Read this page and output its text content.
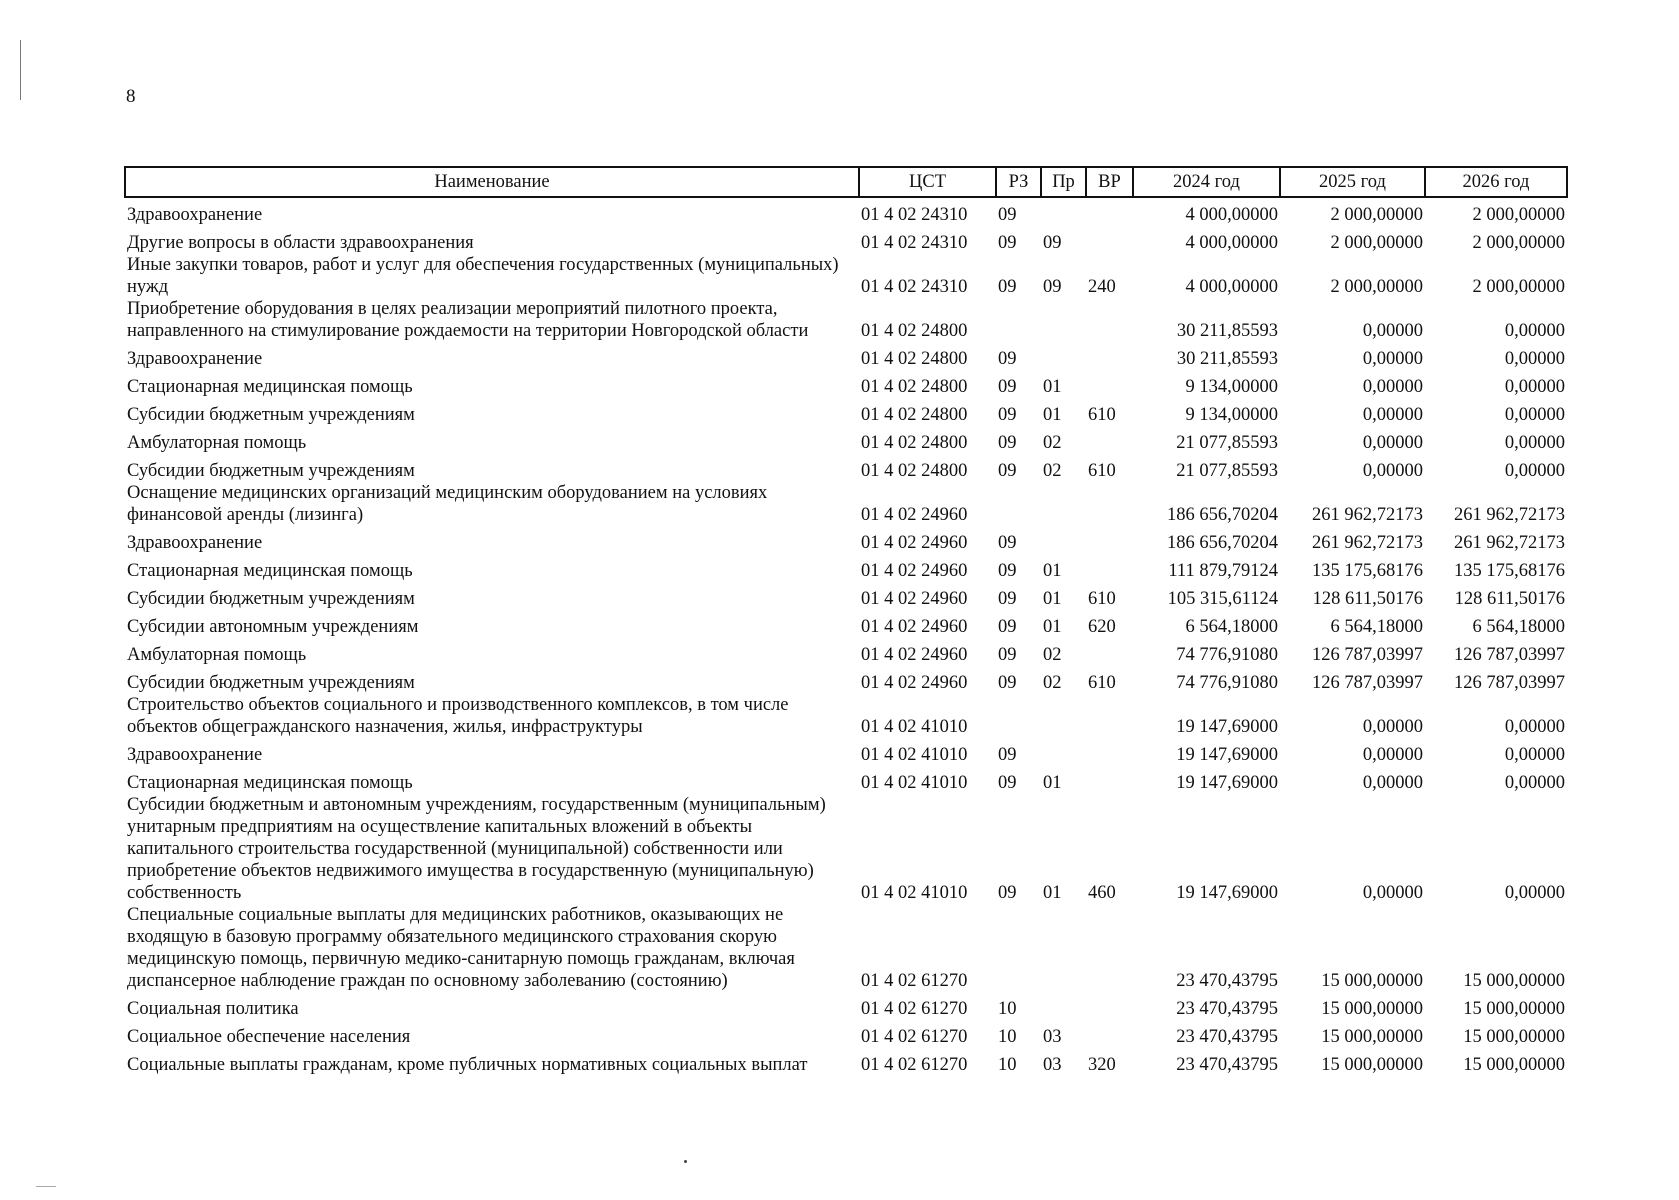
8
Наименование	ЦСТ	РЗ	Пр	ВР	2024 год	2025 год	2026 год
Здравоохранение	01 4 02 24310	09			4 000,00000	2 000,00000	2 000,00000
Другие вопросы в области здравоохранения	01 4 02 24310	09	09		4 000,00000	2 000,00000	2 000,00000
Иные закупки товаров, работ и услуг для обеспечения государственных (муниципальных) нужд	01 4 02 24310	09	09	240	4 000,00000	2 000,00000	2 000,00000
Приобретение оборудования в целях реализации мероприятий пилотного проекта, направленного на стимулирование рождаемости на территории Новгородской области	01 4 02 24800				30 211,85593	0,00000	0,00000
Здравоохранение	01 4 02 24800	09			30 211,85593	0,00000	0,00000
Стационарная медицинская помощь	01 4 02 24800	09	01		9 134,00000	0,00000	0,00000
Субсидии бюджетным учреждениям	01 4 02 24800	09	01	610	9 134,00000	0,00000	0,00000
Амбулаторная помощь	01 4 02 24800	09	02		21 077,85593	0,00000	0,00000
Субсидии бюджетным учреждениям	01 4 02 24800	09	02	610	21 077,85593	0,00000	0,00000
Оснащение медицинских организаций медицинским оборудованием на условиях финансовой аренды (лизинга)	01 4 02 24960				186 656,70204	261 962,72173	261 962,72173
Здравоохранение	01 4 02 24960	09			186 656,70204	261 962,72173	261 962,72173
Стационарная медицинская помощь	01 4 02 24960	09	01		111 879,79124	135 175,68176	135 175,68176
Субсидии бюджетным учреждениям	01 4 02 24960	09	01	610	105 315,61124	128 611,50176	128 611,50176
Субсидии автономным учреждениям	01 4 02 24960	09	01	620	6 564,18000	6 564,18000	6 564,18000
Амбулаторная помощь	01 4 02 24960	09	02		74 776,91080	126 787,03997	126 787,03997
Субсидии бюджетным учреждениям	01 4 02 24960	09	02	610	74 776,91080	126 787,03997	126 787,03997
Строительство объектов социального и производственного комплексов, в том числе объектов общегражданского назначения, жилья, инфраструктуры	01 4 02 41010				19 147,69000	0,00000	0,00000
Здравоохранение	01 4 02 41010	09			19 147,69000	0,00000	0,00000
Стационарная медицинская помощь	01 4 02 41010	09	01		19 147,69000	0,00000	0,00000
Субсидии бюджетным и автономным учреждениям, государственным (муниципальным) унитарным предприятиям на осуществление капитальных вложений в объекты капитального строительства государственной (муниципальной) собственности или приобретение объектов недвижимого имущества в государственную (муниципальную) собственность	01 4 02 41010	09	01	460	19 147,69000	0,00000	0,00000
Специальные социальные выплаты для медицинских работников, оказывающих не входящую в базовую программу обязательного медицинского страхования скорую медицинскую помощь, первичную медико-санитарную помощь гражданам, включая диспансерное наблюдение граждан по основному заболеванию (состоянию)	01 4 02 61270				23 470,43795	15 000,00000	15 000,00000
Социальная политика	01 4 02 61270	10			23 470,43795	15 000,00000	15 000,00000
Социальное обеспечение населения	01 4 02 61270	10	03		23 470,43795	15 000,00000	15 000,00000
Социальные выплаты гражданам, кроме публичных нормативных социальных выплат	01 4 02 61270	10	03	320	23 470,43795	15 000,00000	15 000,00000
